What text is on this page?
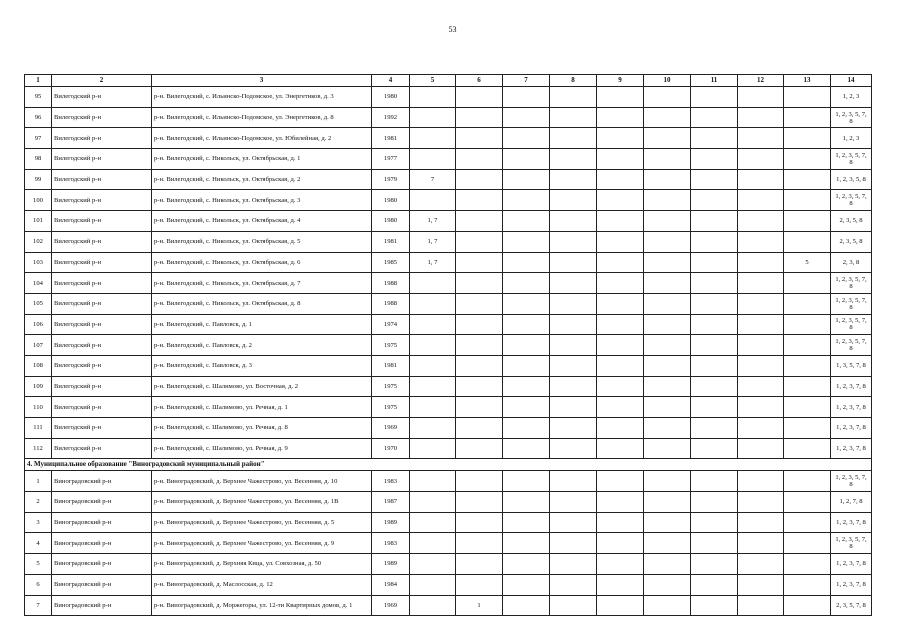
53
1	2	3	4	5	6	7	8	9	10	11	12	13	14
95	Вилегодский р-н	р-н. Вилегодский, с. Ильинско-Подомское, ул. Энергетиков, д. 3	1980										1, 2, 3
96	Вилегодский р-н	р-н. Вилегодский, с. Ильинско-Подомское, ул. Энергетиков, д. 8	1992										1, 2, 3, 5, 7, 8
97	Вилегодский р-н	р-н. Вилегодский, с. Ильинско-Подомское, ул. Юбилейная, д. 2	1981										1, 2, 3
98	Вилегодский р-н	р-н. Вилегодский, с. Никольск, ул. Октябрьская, д. 1	1977										1, 2, 3, 5, 7, 8
99	Вилегодский р-н	р-н. Вилегодский, с. Никольск, ул. Октябрьская, д. 2	1979	7									1, 2, 3, 5, 8
100	Вилегодский р-н	р-н. Вилегодский, с. Никольск, ул. Октябрьская, д. 3	1980										1, 2, 3, 5, 7, 8
101	Вилегодский р-н	р-н. Вилегодский, с. Никольск, ул. Октябрьская, д. 4	1980	1, 7									2, 3, 5, 8
102	Вилегодский р-н	р-н. Вилегодский, с. Никольск, ул. Октябрьская, д. 5	1981	1, 7									2, 3, 5, 8
103	Вилегодский р-н	р-н. Вилегодский, с. Никольск, ул. Октябрьская, д. 6	1985	1, 7								5	2, 3, 8
104	Вилегодский р-н	р-н. Вилегодский, с. Никольск, ул. Октябрьская, д. 7	1988										1, 2, 3, 5, 7, 8
105	Вилегодский р-н	р-н. Вилегодский, с. Никольск, ул. Октябрьская, д. 8	1988										1, 2, 3, 5, 7, 8
106	Вилегодский р-н	р-н. Вилегодский, с. Павловск, д. 1	1974										1, 2, 3, 5, 7, 8
107	Вилегодский р-н	р-н. Вилегодский, с. Павловск, д. 2	1975										1, 2, 3, 5, 7, 8
108	Вилегодский р-н	р-н. Вилегодский, с. Павловск, д. 3	1981										1, 3, 5, 7, 8
109	Вилегодский р-н	р-н. Вилегодский, с. Шалимово, ул. Восточная, д. 2	1975										1, 2, 3, 7, 8
110	Вилегодский р-н	р-н. Вилегодский, с. Шалимово, ул. Речная, д. 1	1975										1, 2, 3, 7, 8
111	Вилегодский р-н	р-н. Вилегодский, с. Шалимово, ул. Речная, д. 8	1969										1, 2, 3, 7, 8
112	Вилегодский р-н	р-н. Вилегодский, с. Шалимово, ул. Речная, д. 9	1970										1, 2, 3, 7, 8
4. Муниципальное образование "Виноградовский муниципальный район"													
1	Виноградовский р-н	р-н. Виноградовский, д. Верхнее Чажестрово, ул. Весенняя, д. 10	1983										1, 2, 3, 5, 7, 8
2	Виноградовский р-н	р-н. Виноградовский, д. Верхнее Чажестрово, ул. Весенняя, д. 1В	1987										1, 2, 7, 8
3	Виноградовский р-н	р-н. Виноградовский, д. Верхнее Чажестрово, ул. Весенняя, д. 5	1989										1, 2, 3, 7, 8
4	Виноградовский р-н	р-н. Виноградовский, д. Верхнее Чажестрово, ул. Весенняя, д. 9	1983										1, 2, 3, 5, 7, 8
5	Виноградовский р-н	р-н. Виноградовский, д. Верхняя Кица, ул. Совхозная, д. 50	1989										1, 2, 3, 7, 8
6	Виноградовский р-н	р-н. Виноградовский, д. Маслосская, д. 12	1984										1, 2, 3, 7, 8
7	Виноградовский р-н	р-н. Виноградовский, д. Моржегоры, ул. 12-ти Квартирных домов, д. 1	1969		1								2, 3, 5, 7, 8
